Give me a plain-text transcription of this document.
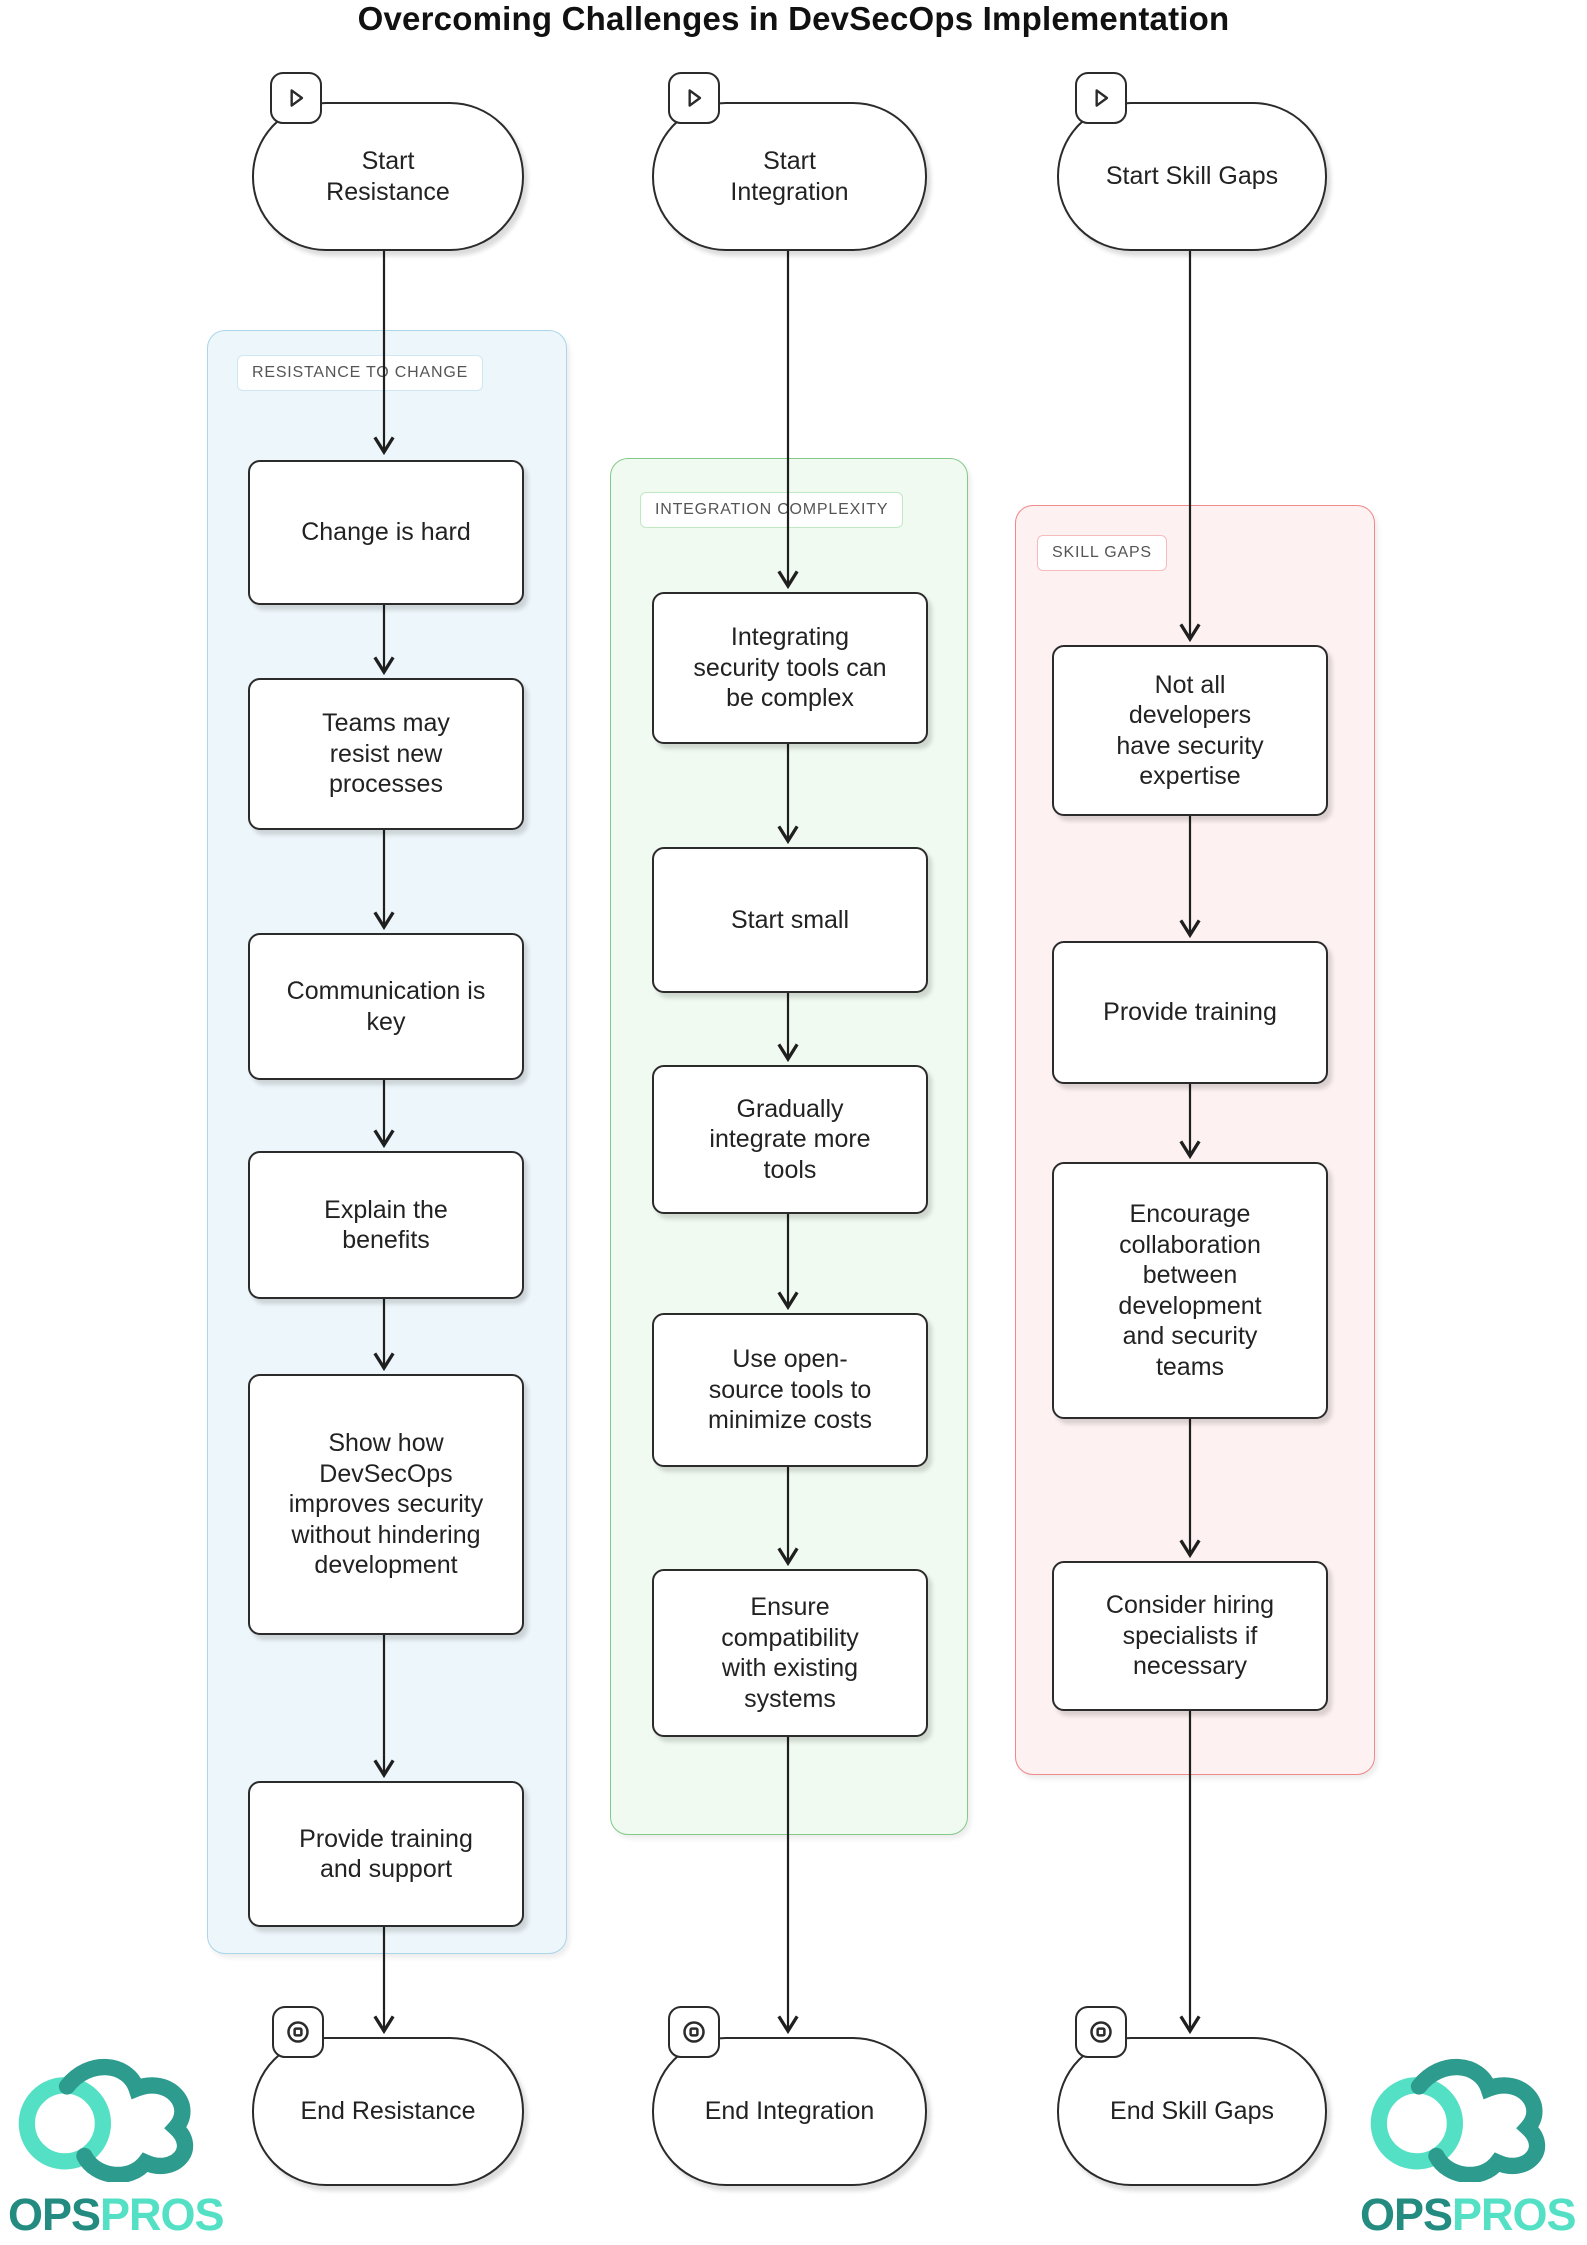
Overcoming Challenges in DevSecOps Implementation
RESISTANCE TO CHANGE
INTEGRATION COMPLEXITY
SKILL GAPS
Start Resistance
Change is hard
Teams may resist new processes
Communication is key
Explain the benefits
Show how DevSecOps improves security without hindering development
Provide training and support
End Resistance
Start Integration
Integrating security tools can be complex
Start small
Gradually integrate more tools
Use open-source tools to minimize costs
Ensure compatibility with existing systems
End Integration
Start Skill Gaps
Not all developers have security expertise
Provide training
Encourage collaboration between development and security teams
Consider hiring specialists if necessary
End Skill Gaps
OPSPROS	OPSPROS
